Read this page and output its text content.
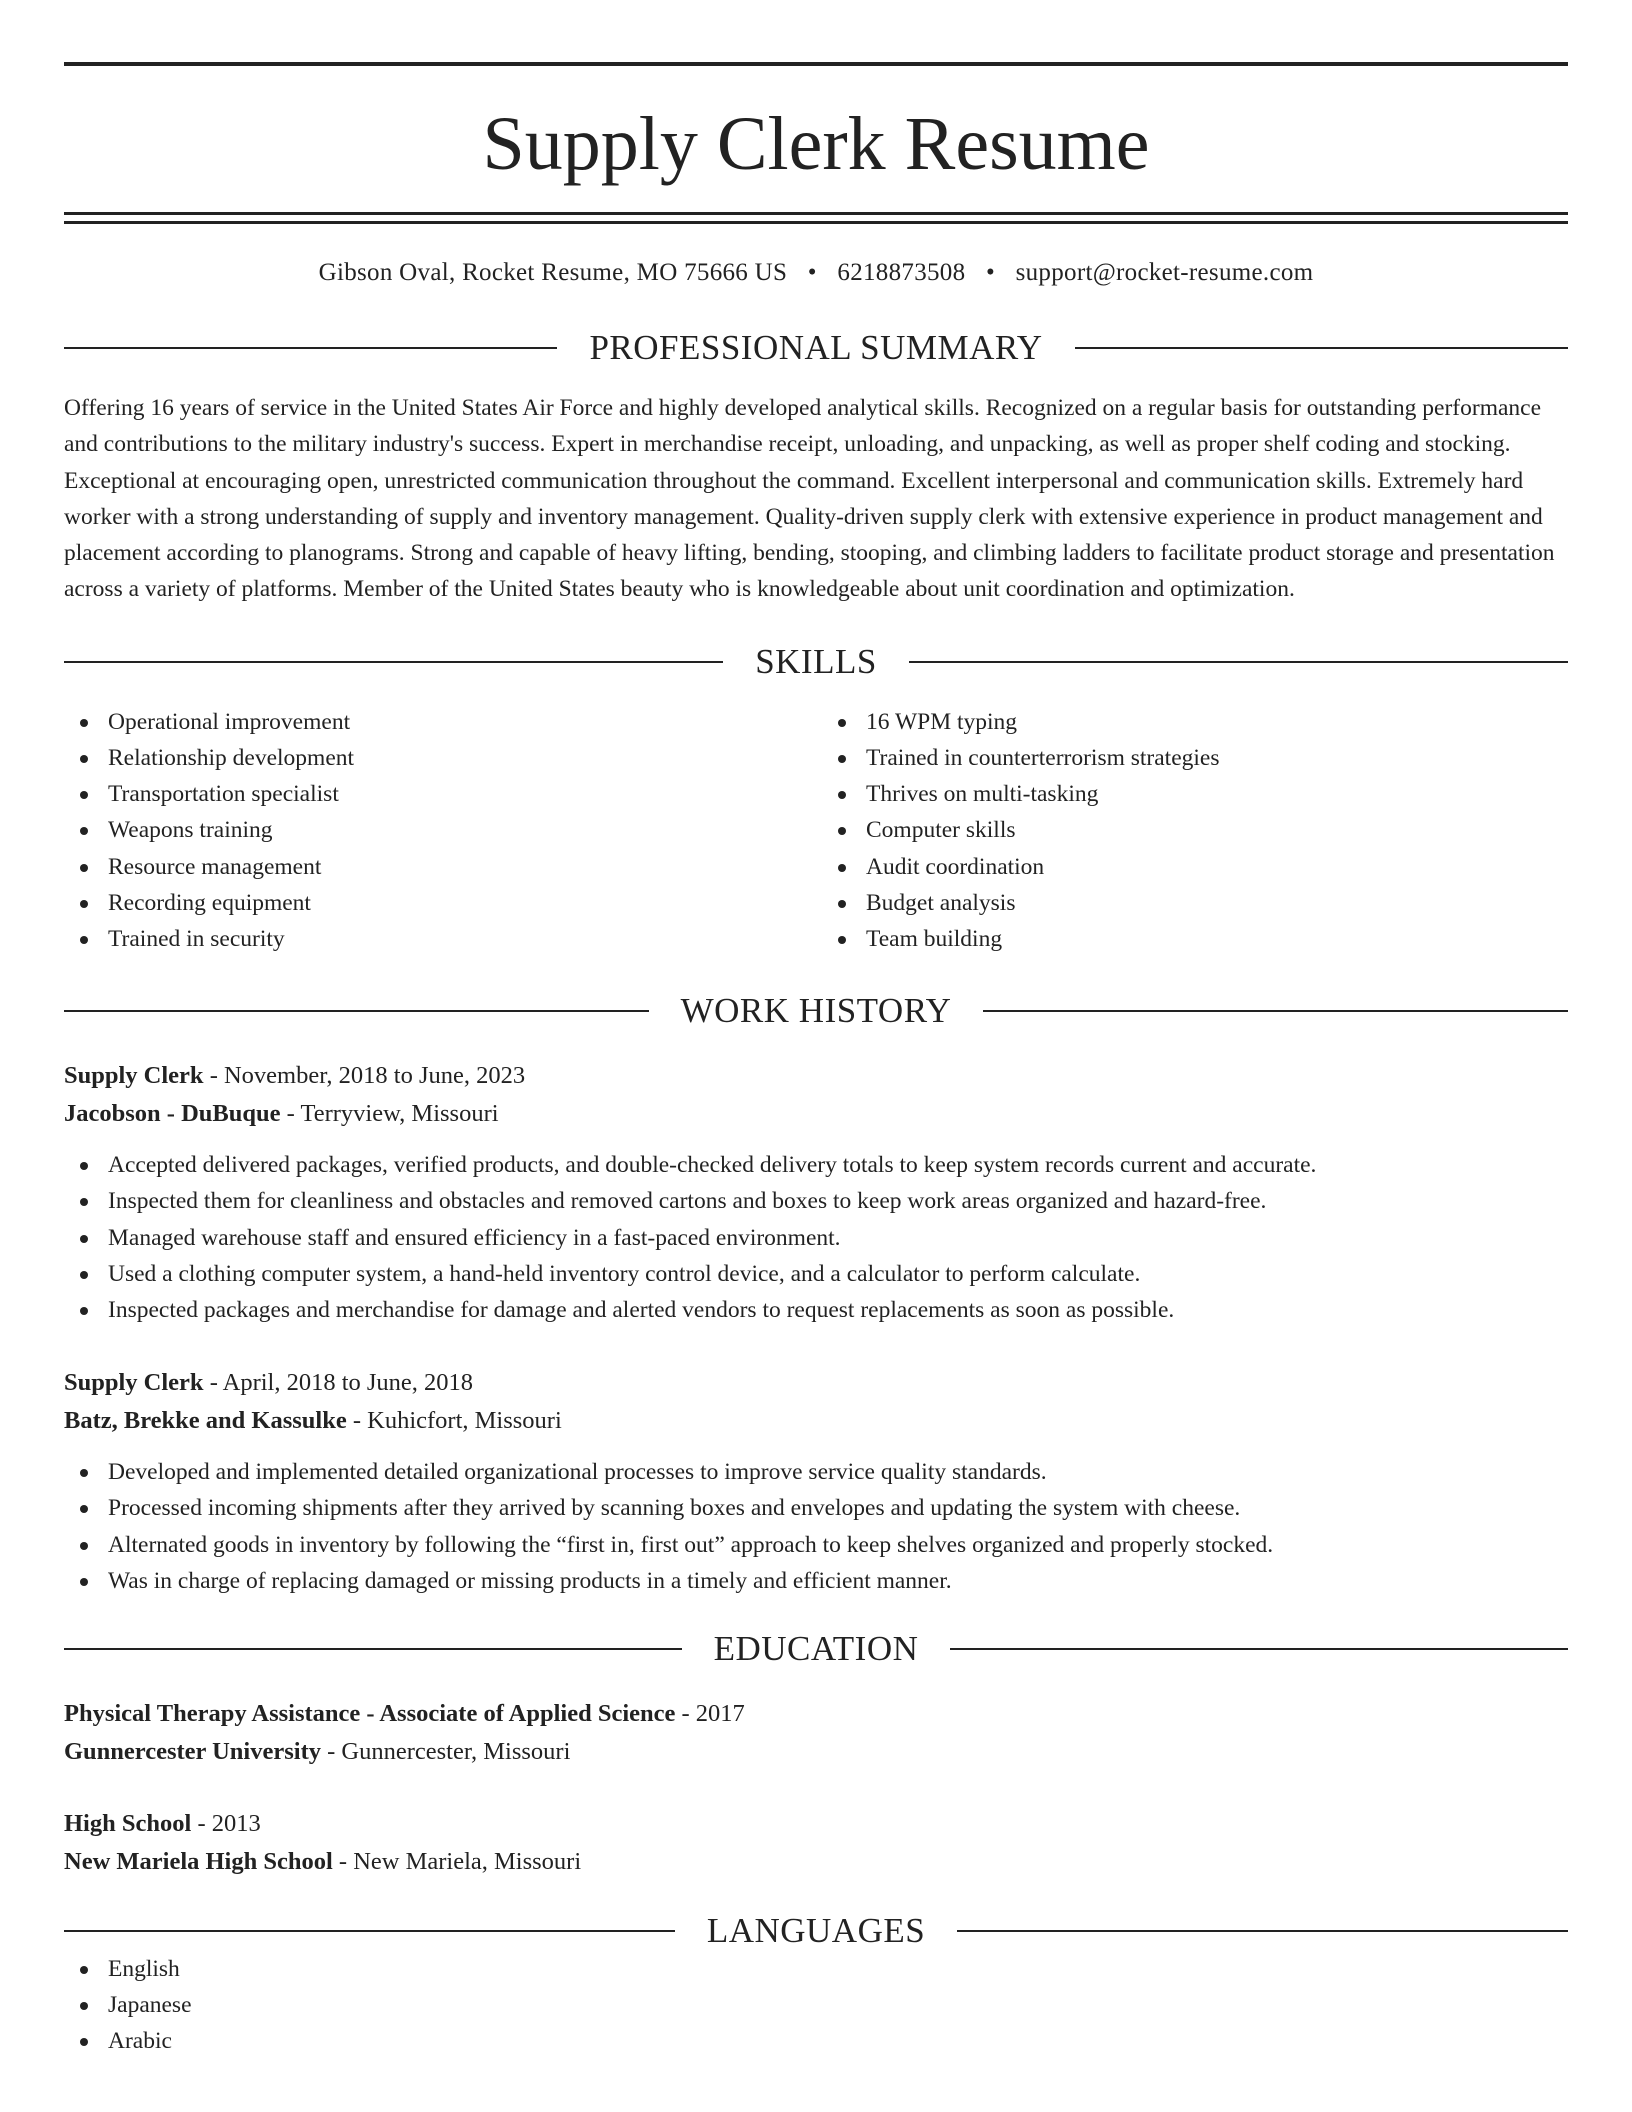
Supply Clerk Resume
Gibson Oval, Rocket Resume, MO 75666 US • 6218873508 • support@rocket-resume.com
PROFESSIONAL SUMMARY

Offering 16 years of service in the United States Air Force and highly developed analytical skills. Recognized on a regular basis for outstanding performance and contributions to the military industry's success. Expert in merchandise receipt, unloading, and unpacking, as well as proper shelf coding and stocking. Exceptional at encouraging open, unrestricted communication throughout the command. Excellent interpersonal and communication skills. Extremely hard worker with a strong understanding of supply and inventory management. Quality-driven supply clerk with extensive experience in product management and placement according to planograms. Strong and capable of heavy lifting, bending, stooping, and climbing ladders to facilitate product storage and presentation across a variety of platforms. Member of the United States beauty who is knowledgeable about unit coordination and optimization.

SKILLS
Operational improvement
Relationship development
Transportation specialist
Weapons training
Resource management
Recording equipment
Trained in security
16 WPM typing
Trained in counterterrorism strategies
Thrives on multi-tasking
Computer skills
Audit coordination
Budget analysis
Team building
WORK HISTORY
Supply Clerk - November, 2018 to June, 2023
Jacobson - DuBuque - Terryview, Missouri
Accepted delivered packages, verified products, and double-checked delivery totals to keep system records current and accurate.
Inspected them for cleanliness and obstacles and removed cartons and boxes to keep work areas organized and hazard-free.
Managed warehouse staff and ensured efficiency in a fast-paced environment.
Used a clothing computer system, a hand-held inventory control device, and a calculator to perform calculate.
Inspected packages and merchandise for damage and alerted vendors to request replacements as soon as possible.
Supply Clerk - April, 2018 to June, 2018
Batz, Brekke and Kassulke - Kuhicfort, Missouri
Developed and implemented detailed organizational processes to improve service quality standards.
Processed incoming shipments after they arrived by scanning boxes and envelopes and updating the system with cheese.
Alternated goods in inventory by following the “first in, first out” approach to keep shelves organized and properly stocked.
Was in charge of replacing damaged or missing products in a timely and efficient manner.
EDUCATION
Physical Therapy Assistance - Associate of Applied Science - 2017
Gunnercester University - Gunnercester, Missouri
High School - 2013
New Mariela High School - New Mariela, Missouri
LANGUAGES
English
Japanese
Arabic
